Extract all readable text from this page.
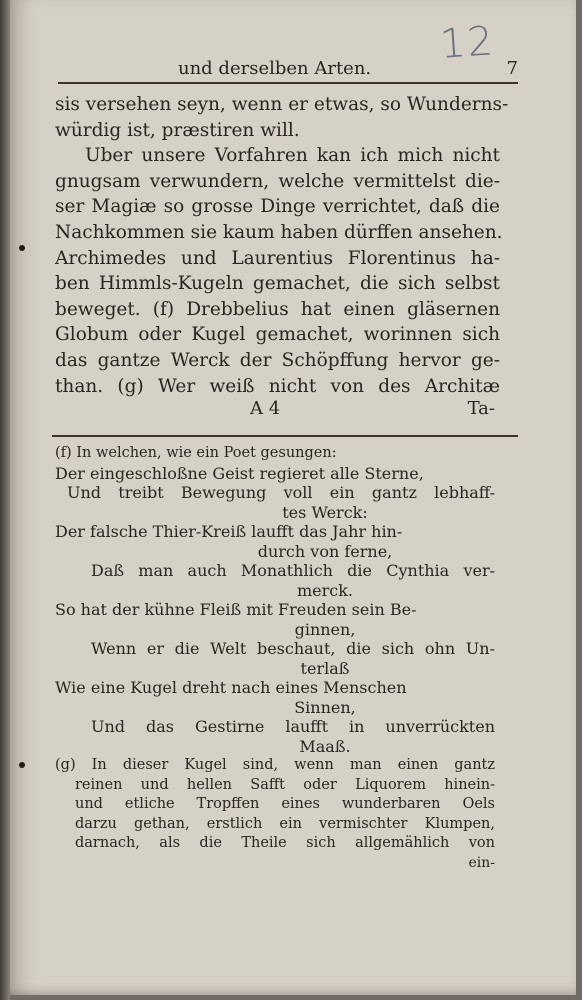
12
und derselben Arten.	7
sis versehen seyn, wenn er etwas, so Wunderns-
würdig ist, præstiren will.
Uber unsere Vorfahren kan ich mich nicht
gnugsam verwundern, welche vermittelst die-
ser Magiæ so grosse Dinge verrichtet, daß die
Nachkommen sie kaum haben dürffen ansehen.
Archimedes und Laurentius Florentinus ha-
ben Himmls-Kugeln gemachet, die sich selbst
beweget. (f) Drebbelius hat einen gläsernen
Globum oder Kugel gemachet, worinnen sich
das gantze Werck der Schöpffung hervor ge-
than. (g) Wer weiß nicht von des Architæ
A 4	Ta-
(f) In welchen, wie ein Poet gesungen:
Der eingeschloßne Geist regieret alle Sterne,
Und treibt Bewegung voll ein gantz lebhaff-
tes Werck:
Der falsche Thier-Kreiß laufft das Jahr hin-
durch von ferne,
Daß man auch Monathlich die Cynthia ver-
merck.
So hat der kühne Fleiß mit Freuden sein Be-
ginnen,
Wenn er die Welt beschaut, die sich ohn Un-
terlaß
Wie eine Kugel dreht nach eines Menschen
Sinnen,
Und das Gestirne laufft in unverrückten
Maaß.
(g) In dieser Kugel sind, wenn man einen gantz
reinen und hellen Safft oder Liquorem hinein-
und etliche Tropffen eines wunderbaren Oels
darzu gethan, erstlich ein vermischter Klumpen,
darnach, als die Theile sich allgemählich von
ein-
